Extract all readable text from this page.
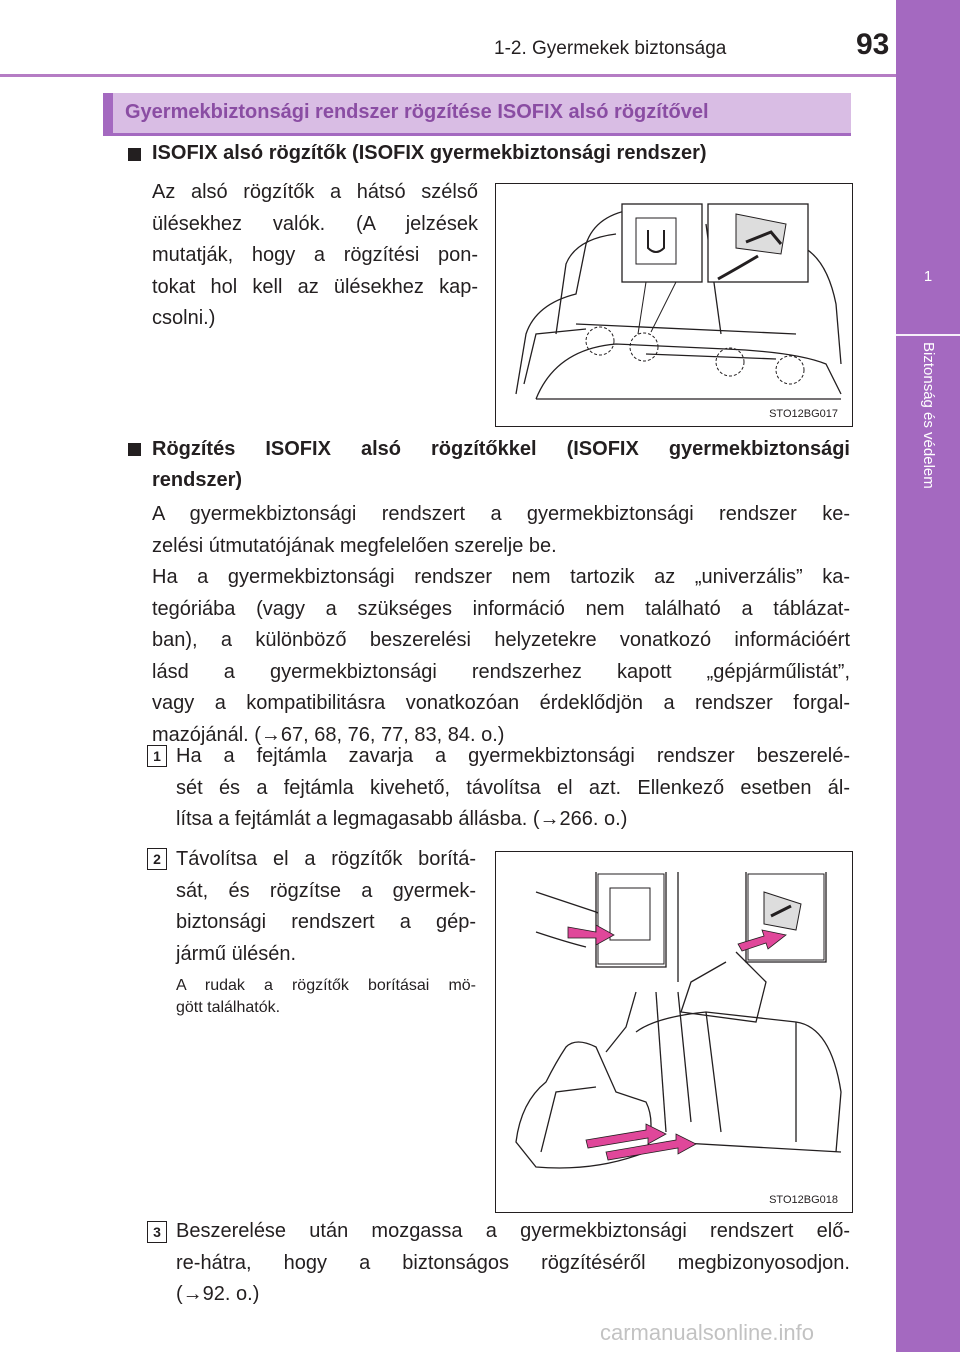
1-2. Gyermekek biztonsága	93
1
Biztonság és védelem
Gyermekbiztonsági rendszer rögzítése ISOFIX alsó rögzítővel
ISOFIX alsó rögzítők (ISOFIX gyermekbiztonsági rendszer)
Az alsó rögzítők a hátsó szélső
ülésekhez valók. (A jelzések
mutatják, hogy a rögzítési pon-
tokat hol kell az ülésekhez kap-
csolni.)
STO12BG017
Rögzítés ISOFIX alsó rögzítőkkel (ISOFIX gyermekbiztonsági
rendszer)
A gyermekbiztonsági rendszert a gyermekbiztonsági rendszer ke-
zelési útmutatójának megfelelően szerelje be.
Ha a gyermekbiztonsági rendszer nem tartozik az „univerzális” ka-
tegóriába (vagy a szükséges információ nem található a táblázat-
ban), a különböző beszerelési helyzetekre vonatkozó információért
lásd a gyermekbiztonsági rendszerhez kapott „gépjárműlistát”,
vagy a kompatibilitásra vonatkozóan érdeklődjön a rendszer forgal-
mazójánál. (→67, 68, 76, 77, 83, 84. o.)
1 Ha a fejtámla zavarja a gyermekbiztonsági rendszer beszerelé-
sét és a fejtámla kivehető, távolítsa el azt. Ellenkező esetben ál-
lítsa a fejtámlát a legmagasabb állásba. (→266. o.)
2 Távolítsa el a rögzítők borítá-
sát, és rögzítse a gyermek-
biztonsági rendszert a gép-
jármű ülésén.
A rudak a rögzítők borításai mö-
gött találhatók.
STO12BG018
3 Beszerelése után mozgassa a gyermekbiztonsági rendszert elő-
re-hátra, hogy a biztonságos rögzítéséről megbizonyosodjon.
(→92. o.)
carmanualsonline.info
